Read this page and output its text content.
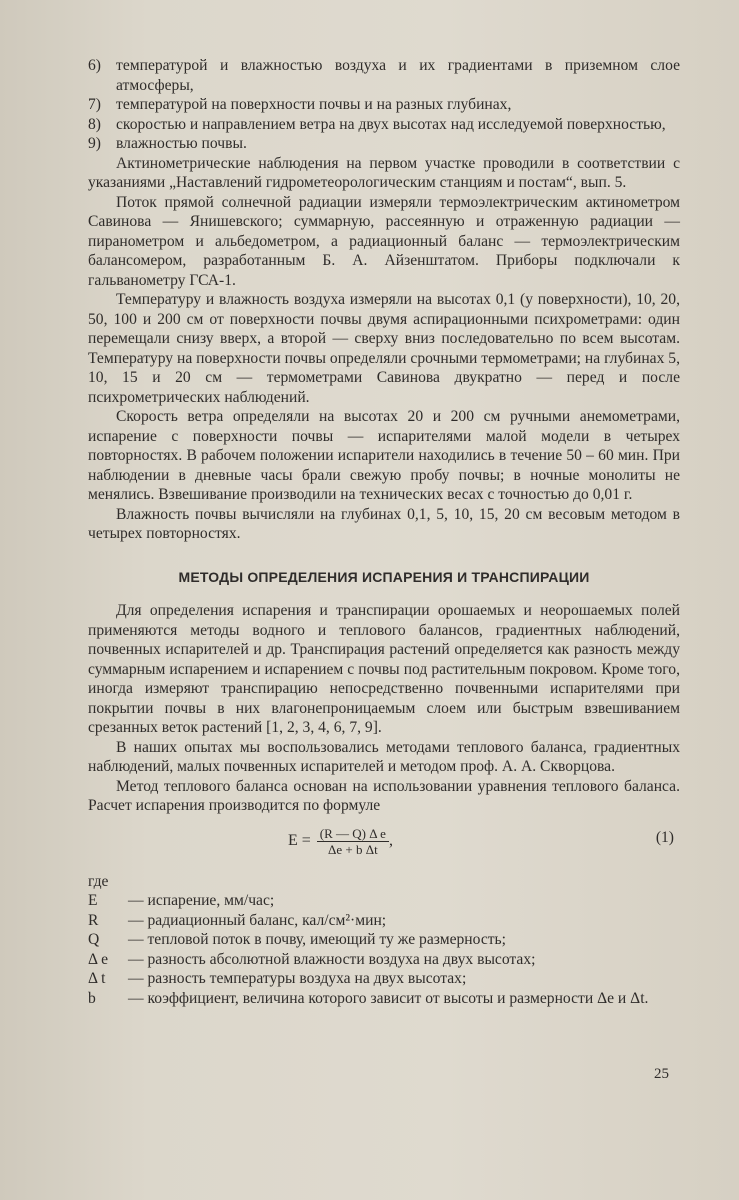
6) температурой и влажностью воздуха и их градиентами в приземном слое атмосферы,
7) температурой на поверхности почвы и на разных глубинах,
8) скоростью и направлением ветра на двух высотах над исследуемой поверхностью,
9) влажностью почвы.

Актинометрические наблюдения на первом участке проводили в соответствии с указаниями „Наставлений гидрометеорологическим станциям и постам“, вып. 5.

Поток прямой солнечной радиации измеряли термоэлектрическим актинометром Савинова — Янишевского; суммарную, рассеянную и отраженную радиации — пиранометром и альбедометром, а радиационный баланс — термоэлектрическим балансомером, разработанным Б. А. Айзенштатом. Приборы подключали к гальванометру ГСА-1.

Температуру и влажность воздуха измеряли на высотах 0,1 (у поверхности), 10, 20, 50, 100 и 200 см от поверхности почвы двумя аспирационными психрометрами: один перемещали снизу вверх, а второй — сверху вниз последовательно по всем высотам. Температуру на поверхности почвы определяли срочными термометрами; на глубинах 5, 10, 15 и 20 см — термометрами Савинова двукратно — перед и после психрометрических наблюдений.

Скорость ветра определяли на высотах 20 и 200 см ручными анемометрами, испарение с поверхности почвы — испарителями малой модели в четырех повторностях. В рабочем положении испарители находились в течение 50 – 60 мин. При наблюдении в дневные часы брали свежую пробу почвы; в ночные монолиты не менялись. Взвешивание производили на технических весах с точностью до 0,01 г.

Влажность почвы вычисляли на глубинах 0,1, 5, 10, 15, 20 см весовым методом в четырех повторностях.

МЕТОДЫ ОПРЕДЕЛЕНИЯ ИСПАРЕНИЯ И ТРАНСПИРАЦИИ

Для определения испарения и транспирации орошаемых и неорошаемых полей применяются методы водного и теплового балансов, градиентных наблюдений, почвенных испарителей и др. Транспирация растений определяется как разность между суммарным испарением и испарением с почвы под растительным покровом. Кроме того, иногда измеряют транспирацию непосредственно почвенными испарителями при покрытии почвы в них влагонепроницаемым слоем или быстрым взвешиванием срезанных веток растений [1, 2, 3, 4, 6, 7, 9].

В наших опытах мы воспользовались методами теплового баланса, градиентных наблюдений, малых почвенных испарителей и методом проф. А. А. Скворцова.

Метод теплового баланса основан на использовании уравнения теплового баланса. Расчет испарения производится по формуле

$E = \frac{\text{(R — Q) Δ e}}{\text{Δe + b Δt}}$ ,	(1)
где
E — испарение, мм/час;
R — радиационный баланс, кал/см²·мин;
Q — тепловой поток в почву, имеющий ту же размерность;
Δ e — разность абсолютной влажности воздуха на двух высотах;
Δ t — разность температуры воздуха на двух высотах;
b — коэффициент, величина которого зависит от высоты и размерности Δe и Δt.
25
